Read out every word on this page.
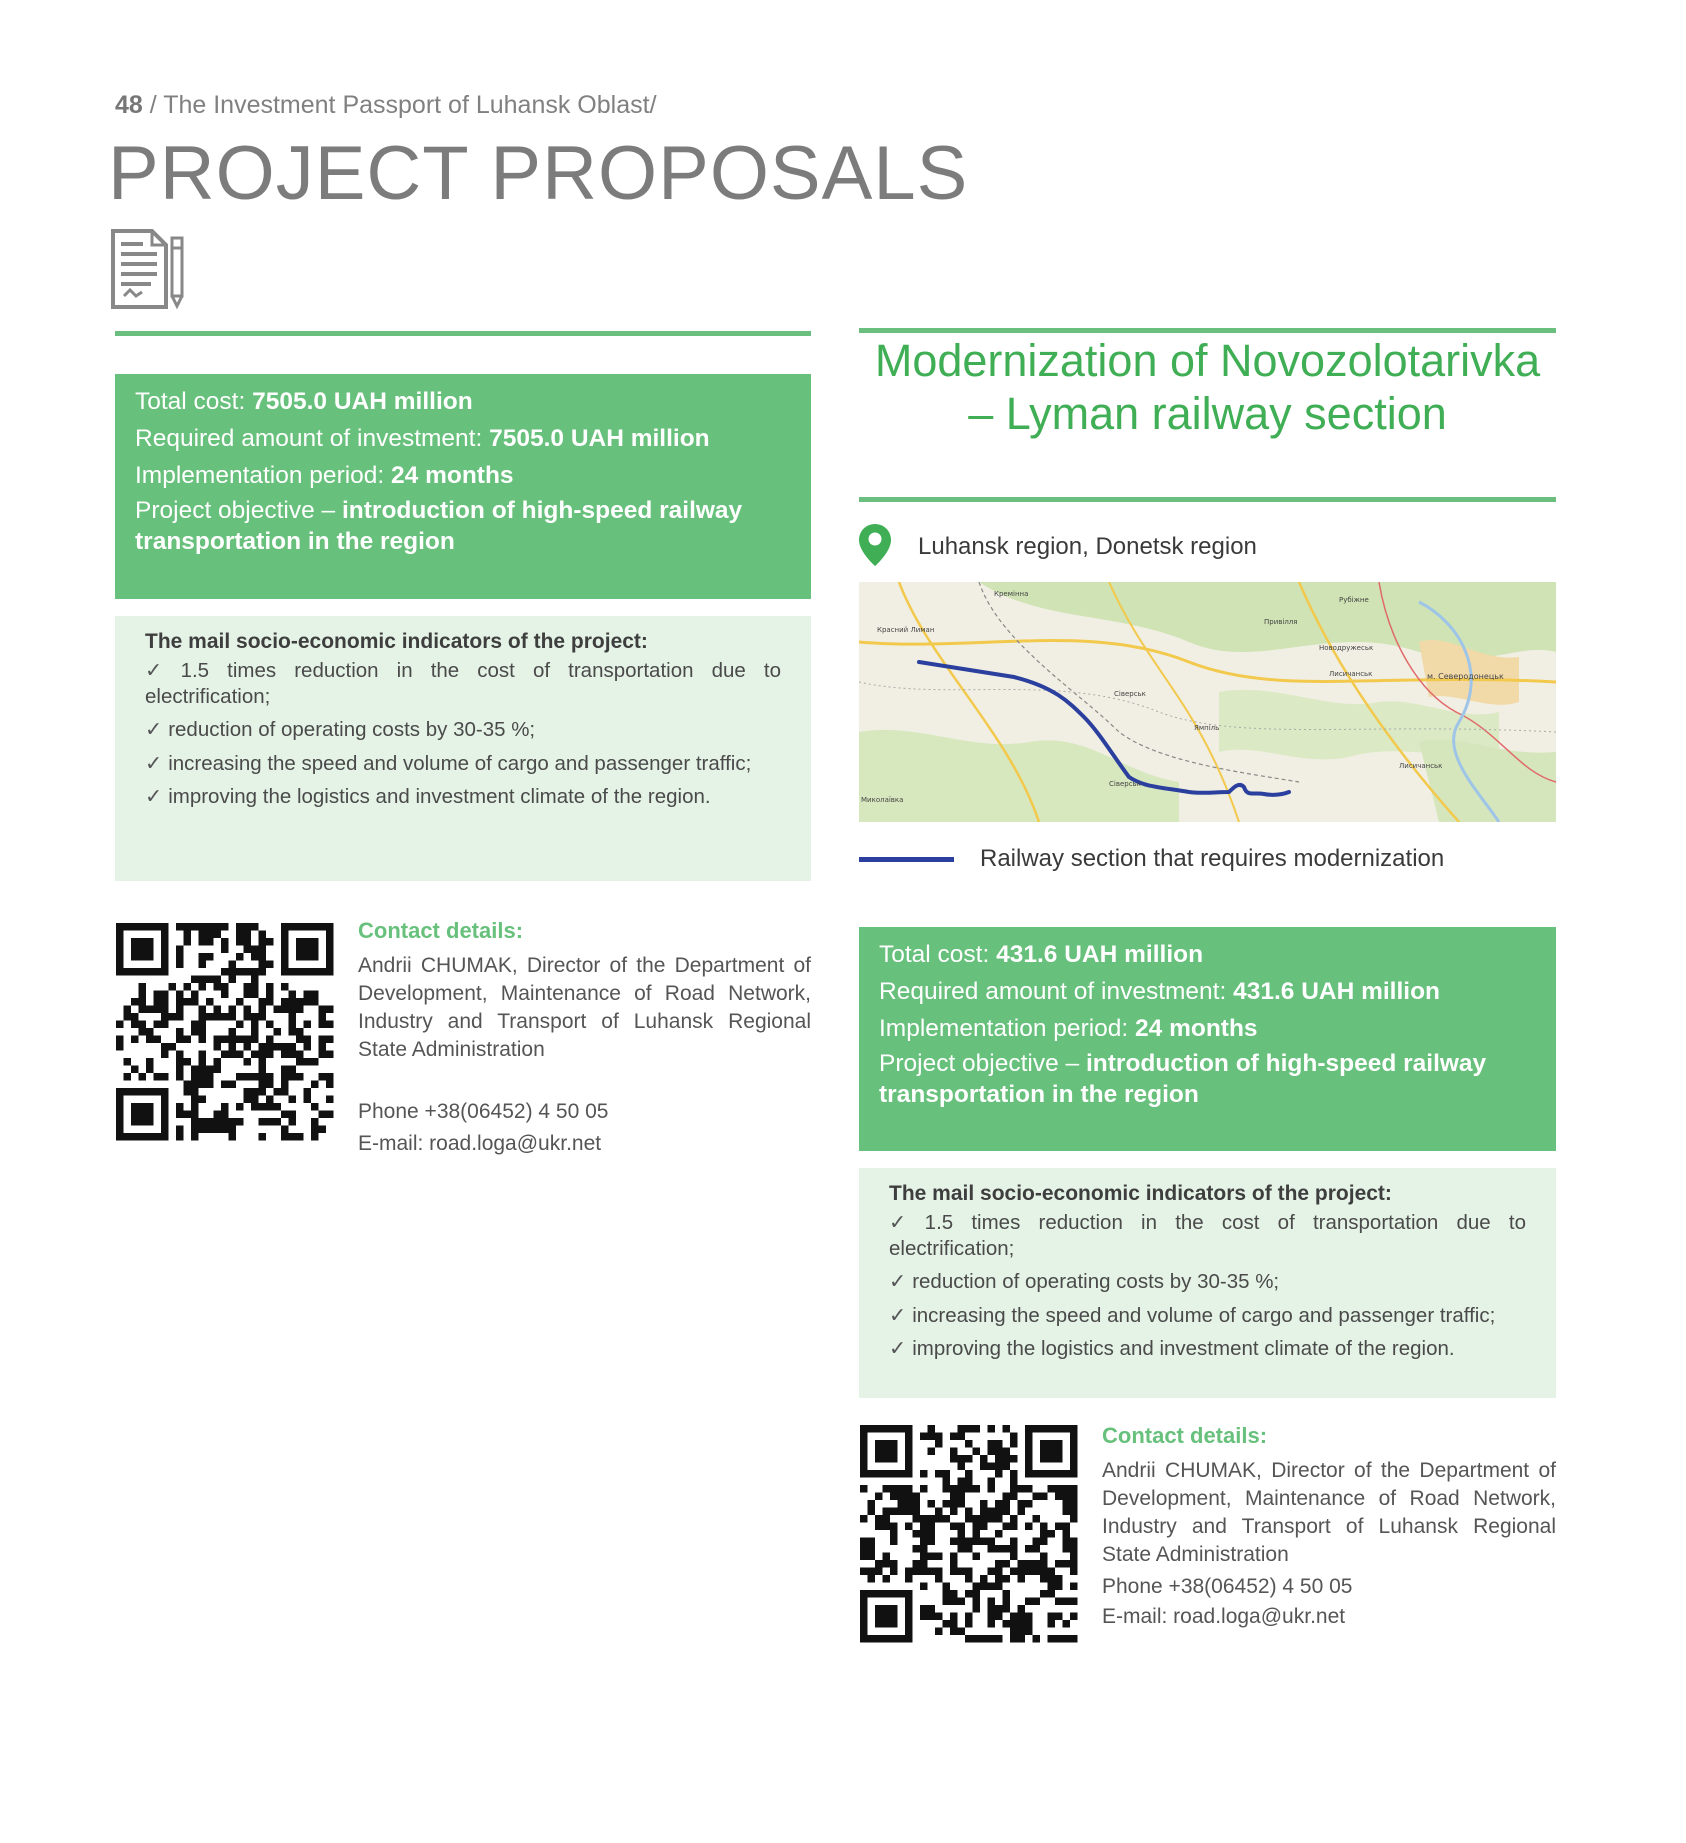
48 / The Investment Passport of Luhansk Oblast/
PROJECT PROPOSALS
Total cost: 7505.0 UAH million
Required amount of investment: 7505.0 UAH million
Implementation period: 24 months
Project objective – introduction of high-speed railway transportation in the region
The mail socio-economic indicators of the project:
✓ 1.5 times reduction in the cost of transportation due to electrification;
✓ reduction of operating costs by 30-35 %;
✓ increasing the speed and volume of cargo and passenger traffic;
✓ improving the logistics and investment climate of the region.
Contact details:
Andrii CHUMAK, Director of the Department of Development, Maintenance of Road Network, Industry and Transport of Luhansk Regional State Administration
Phone +38(06452) 4 50 05
E-mail: road.loga@ukr.net
Modernization of Novozolotarivka – Lyman railway section
Luhansk region, Donetsk region
Кремінна
Рубіжне
Красний Лиман
Привілля
Новодружеськ
м. Северодонецьк
Лисичанськ
Сіверськ
Ямпіль
Лисичанськ
Миколаївка
Сіверськ
Railway section that requires modernization
Total cost: 431.6 UAH million
Required amount of investment: 431.6 UAH million
Implementation period: 24 months
Project objective – introduction of high-speed railway transportation in the region
The mail socio-economic indicators of the project:
✓ 1.5 times reduction in the cost of transportation due to electrification;
✓ reduction of operating costs by 30-35 %;
✓ increasing the speed and volume of cargo and passenger traffic;
✓ improving the logistics and investment climate of the region.
Contact details:
Andrii CHUMAK, Director of the Department of Development, Maintenance of Road Network, Industry and Transport of Luhansk Regional State Administration
Phone +38(06452) 4 50 05
E-mail: road.loga@ukr.net
